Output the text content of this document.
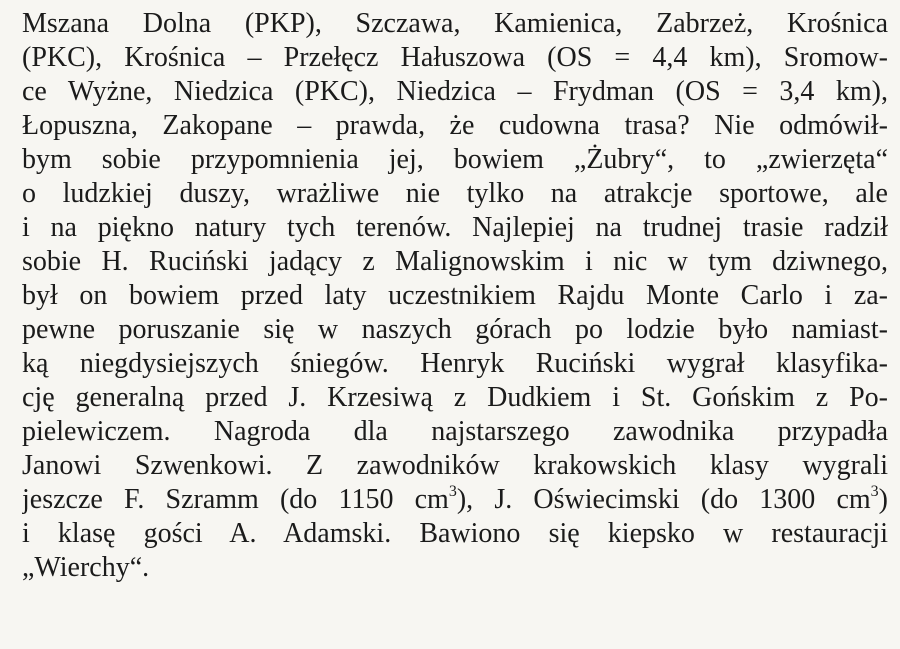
Mszana Dolna (PKP), Szczawa, Kamienica, Zabrzeż, Krośnica
(PKC), Krośnica – Przełęcz Hałuszowa (OS = 4,4 km), Sromow-
ce Wyżne, Niedzica (PKC), Niedzica – Frydman (OS = 3,4 km),
Łopuszna, Zakopane – prawda, że cudowna trasa? Nie odmówił-
bym sobie przypomnienia jej, bowiem „Żubry“, to „zwierzęta“
o ludzkiej duszy, wrażliwe nie tylko na atrakcje sportowe, ale
i na piękno natury tych terenów. Najlepiej na trudnej trasie radził
sobie H. Ruciński jadący z Malignowskim i nic w tym dziwnego,
był on bowiem przed laty uczestnikiem Rajdu Monte Carlo i za-
pewne poruszanie się w naszych górach po lodzie było namiast-
ką niegdysiejszych śniegów. Henryk Ruciński wygrał klasyfika-
cję generalną przed J. Krzesiwą z Dudkiem i St. Gońskim z Po-
pielewiczem. Nagroda dla najstarszego zawodnika przypadła
Janowi Szwenkowi. Z zawodników krakowskich klasy wygrali
jeszcze F. Szramm (do 1150 $cm^3$), J. Oświecimski (do 1300 $cm^3$)
i klasę gości A. Adamski. Bawiono się kiepsko w restauracji
„Wierchy“.
